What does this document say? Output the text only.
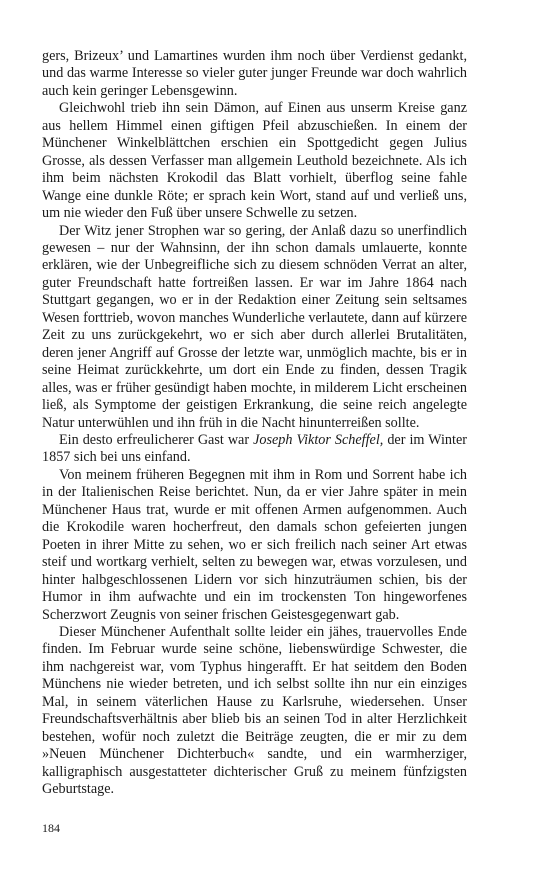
gers, Brizeux’ und Lamartines wurden ihm noch über Verdienst gedankt, und das warme Interesse so vieler guter junger Freunde war doch wahrlich auch kein geringer Lebensgewinn.

Gleichwohl trieb ihn sein Dämon, auf Einen aus unserm Kreise ganz aus hellem Himmel einen giftigen Pfeil abzuschießen. In einem der Münchener Winkelblättchen erschien ein Spottgedicht gegen Julius Grosse, als dessen Verfasser man allgemein Leuthold bezeichnete. Als ich ihm beim nächsten Krokodil das Blatt vorhielt, überflog seine fahle Wange eine dunkle Röte; er sprach kein Wort, stand auf und verließ uns, um nie wieder den Fuß über unsere Schwelle zu setzen.

Der Witz jener Strophen war so gering, der Anlaß dazu so unerfindlich gewesen – nur der Wahnsinn, der ihn schon damals umlauerte, konnte erklären, wie der Unbegreifliche sich zu diesem schnöden Verrat an alter, guter Freundschaft hatte fortreißen lassen. Er war im Jahre 1864 nach Stuttgart gegangen, wo er in der Redaktion einer Zeitung sein seltsames Wesen forttrieb, wovon manches Wunderliche verlautete, dann auf kürzere Zeit zu uns zurückgekehrt, wo er sich aber durch allerlei Brutalitäten, deren jener Angriff auf Grosse der letzte war, unmöglich machte, bis er in seine Heimat zurückkehrte, um dort ein Ende zu finden, dessen Tragik alles, was er früher gesündigt haben mochte, in milderem Licht erscheinen ließ, als Symptome der geistigen Erkrankung, die seine reich angelegte Natur unterwühlen und ihn früh in die Nacht hinunterreißen sollte.

Ein desto erfreulicherer Gast war Joseph Viktor Scheffel, der im Winter 1857 sich bei uns einfand.

Von meinem früheren Begegnen mit ihm in Rom und Sorrent habe ich in der Italienischen Reise berichtet. Nun, da er vier Jahre später in mein Münchener Haus trat, wurde er mit offenen Armen aufgenommen. Auch die Krokodile waren hocherfreut, den damals schon gefeierten jungen Poeten in ihrer Mitte zu sehen, wo er sich freilich nach seiner Art etwas steif und wortkarg verhielt, selten zu bewegen war, etwas vorzulesen, und hinter halbgeschlossenen Lidern vor sich hinzuträumen schien, bis der Humor in ihm aufwachte und ein im trockensten Ton hingeworfenes Scherzwort Zeugnis von seiner frischen Geistesgegenwart gab.

Dieser Münchener Aufenthalt sollte leider ein jähes, trauervolles Ende finden. Im Februar wurde seine schöne, liebenswürdige Schwester, die ihm nachgereist war, vom Typhus hingerafft. Er hat seitdem den Boden Münchens nie wieder betreten, und ich selbst sollte ihn nur ein einziges Mal, in seinem väterlichen Hause zu Karlsruhe, wiedersehen. Unser Freundschaftsverhältnis aber blieb bis an seinen Tod in alter Herzlichkeit bestehen, wofür noch zuletzt die Beiträge zeugten, die er mir zu dem »Neuen Münchener Dichterbuch« sandte, und ein warmherziger, kalligraphisch ausgestatteter dichterischer Gruß zu meinem fünfzigsten Geburtstage.

184
